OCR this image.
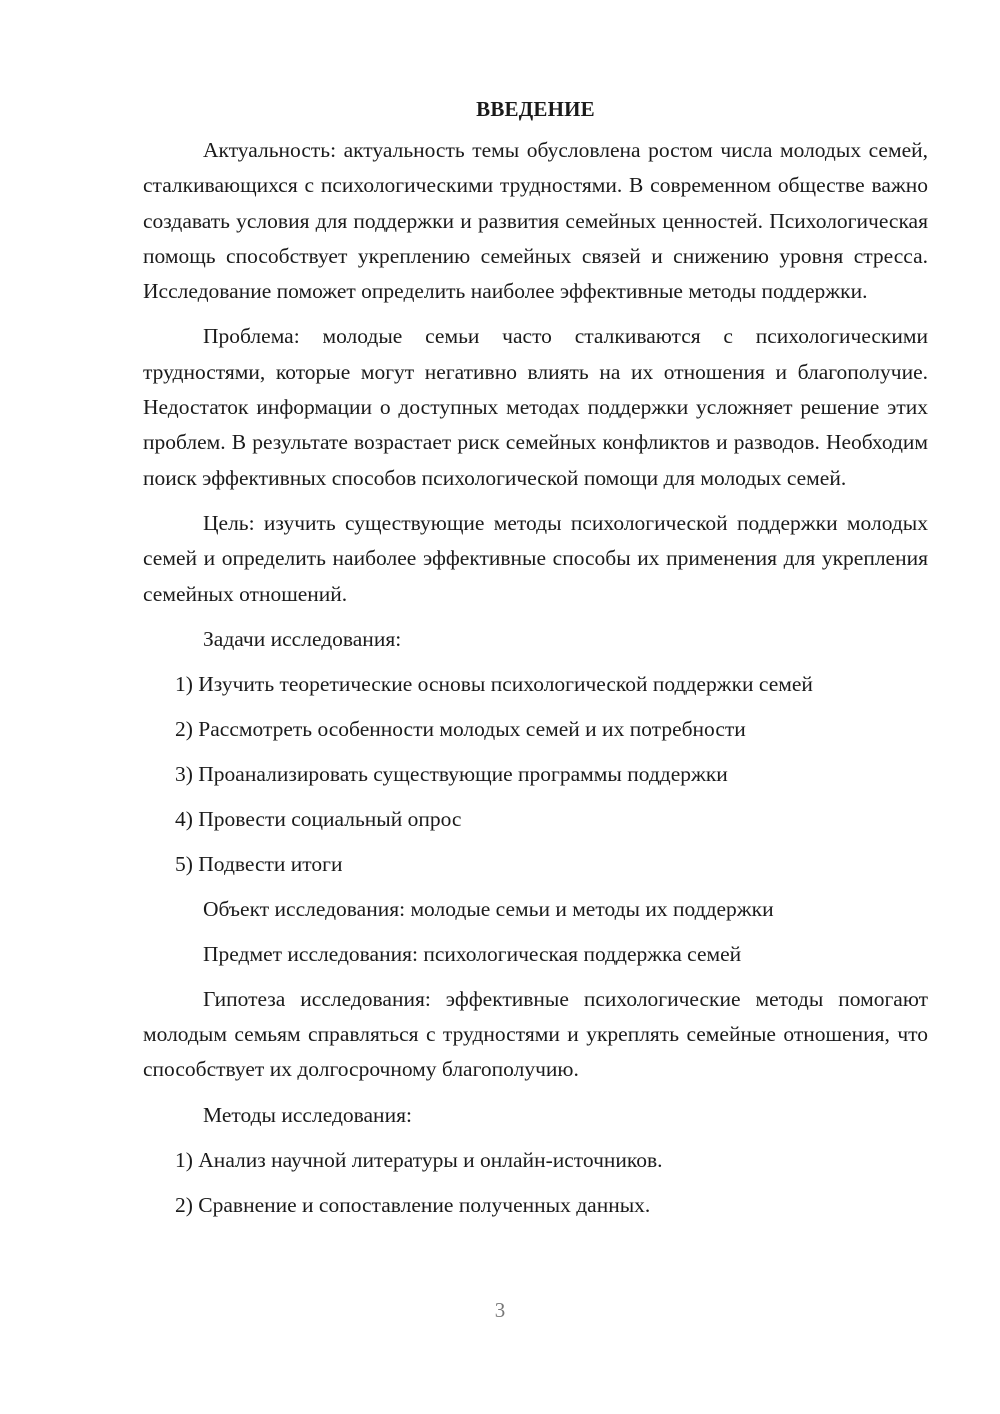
ВВЕДЕНИЕ

Актуальность: актуальность темы обусловлена ростом числа молодых семей, сталкивающихся с психологическими трудностями. В современном обществе важно создавать условия для поддержки и развития семейных ценностей. Психологическая помощь способствует укреплению семейных связей и снижению уровня стресса. Исследование поможет определить наиболее эффективные методы поддержки.

Проблема: молодые семьи часто сталкиваются с психологическими трудностями, которые могут негативно влиять на их отношения и благополучие. Недостаток информации о доступных методах поддержки усложняет решение этих проблем. В результате возрастает риск семейных конфликтов и разводов. Необходим поиск эффективных способов психологической помощи для молодых семей.

Цель: изучить существующие методы психологической поддержки молодых семей и определить наиболее эффективные способы их применения для укрепления семейных отношений.

Задачи исследования:
1) Изучить теоретические основы психологической поддержки семей
2) Рассмотреть особенности молодых семей и их потребности
3) Проанализировать существующие программы поддержки
4) Провести социальный опрос
5) Подвести итоги
Объект исследования: молодые семьи и методы их поддержки
Предмет исследования: психологическая поддержка семей

Гипотеза исследования: эффективные психологические методы помогают молодым семьям справляться с трудностями и укреплять семейные отношения, что способствует их долгосрочному благополучию.

Методы исследования:
1) Анализ научной литературы и онлайн-источников.
2) Сравнение и сопоставление полученных данных.
3
